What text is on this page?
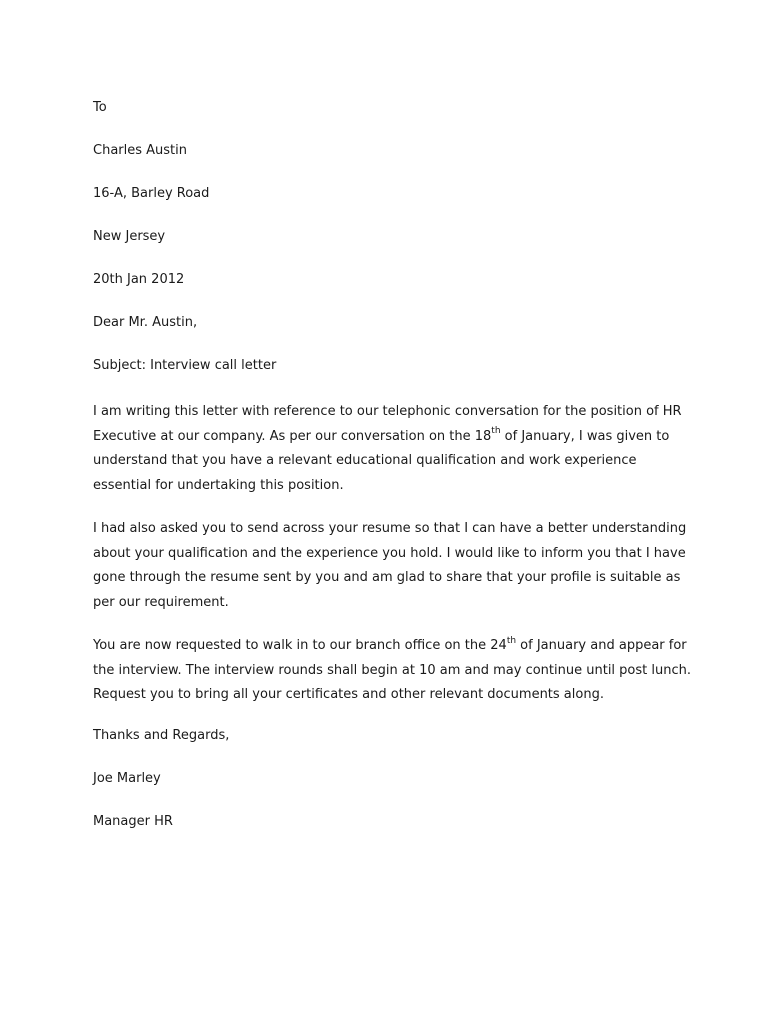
To

Charles Austin

16-A, Barley Road

New Jersey

20th Jan 2012

Dear Mr. Austin,

Subject: Interview call letter

I am writing this letter with reference to our telephonic conversation for the position of HR Executive at our company. As per our conversation on the 18th of January, I was given to understand that you have a relevant educational qualification and work experience essential for undertaking this position.

I had also asked you to send across your resume so that I can have a better understanding about your qualification and the experience you hold. I would like to inform you that I have gone through the resume sent by you and am glad to share that your profile is suitable as per our requirement.

You are now requested to walk in to our branch office on the 24th of January and appear for the interview. The interview rounds shall begin at 10 am and may continue until post lunch. Request you to bring all your certificates and other relevant documents along.

Thanks and Regards,

Joe Marley

Manager HR
